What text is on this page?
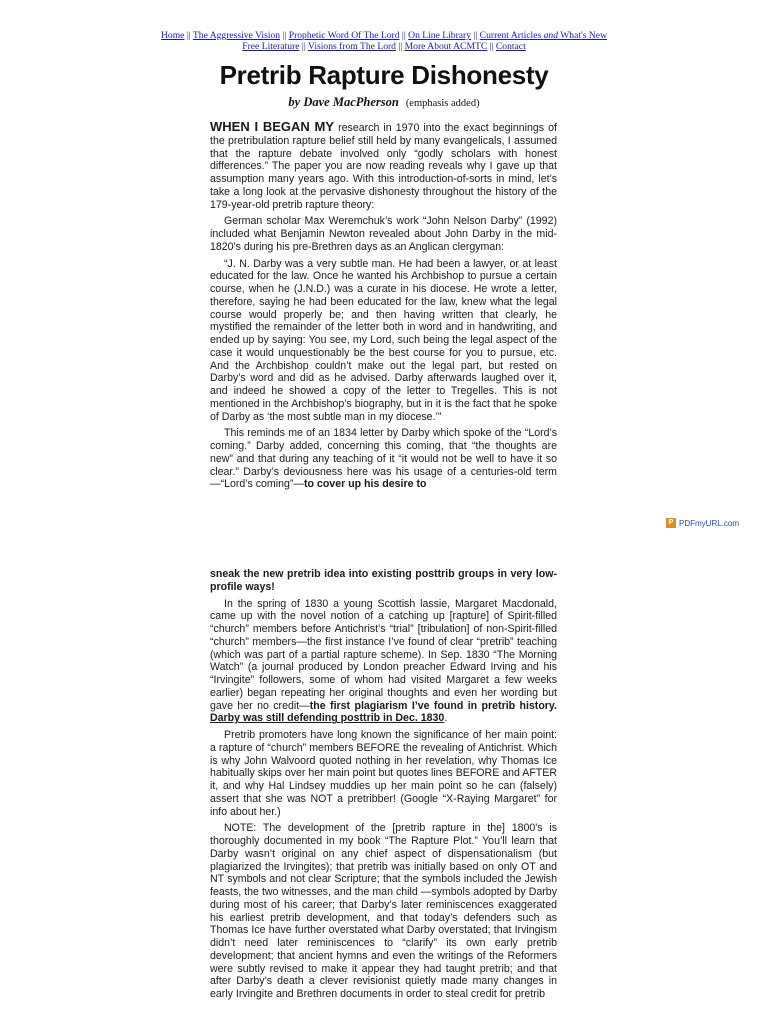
Home || The Aggressive Vision || Prophetic Word Of The Lord || On Line Library || Current Articles and What's New
Free Literature || Visions from The Lord || More About ACMTC || Contact
Pretrib Rapture Dishonesty
by Dave MacPherson (emphasis added)

WHEN I BEGAN MY research in 1970 into the exact beginnings of the pretribulation rapture belief still held by many evangelicals, I assumed that the rapture debate involved only “godly scholars with honest differences.” The paper you are now reading reveals why I gave up that assumption many years ago. With this introduction-of-sorts in mind, let’s take a long look at the pervasive dishonesty throughout the history of the 179-year-old pretrib rapture theory:

German scholar Max Weremchuk’s work “John Nelson Darby” (1992) included what Benjamin Newton revealed about John Darby in the mid-1820's during his pre-Brethren days as an Anglican clergyman:

“J. N. Darby was a very subtle man. He had been a lawyer, or at least educated for the law. Once he wanted his Archbishop to pursue a certain course, when he (J.N.D.) was a curate in his diocese. He wrote a letter, therefore, saying he had been educated for the law, knew what the legal course would properly be; and then having written that clearly, he mystified the remainder of the letter both in word and in handwriting, and ended up by saying: You see, my Lord, such being the legal aspect of the case it would unquestionably be the best course for you to pursue, etc. And the Archbishop couldn’t make out the legal part, but rested on Darby’s word and did as he advised. Darby afterwards laughed over it, and indeed he showed a copy of the letter to Tregelles. This is not mentioned in the Archbishop’s biography, but in it is the fact that he spoke of Darby as ‘the most subtle man in my diocese.’”

This reminds me of an 1834 letter by Darby which spoke of the “Lord’s coming.” Darby added, concerning this coming, that “the thoughts are new” and that during any teaching of it “it would not be well to have it so clear.” Darby’s deviousness here was his usage of a centuries-old term—“Lord’s coming”—to cover up his desire to

P PDFmyURL.com

sneak the new pretrib idea into existing posttrib groups in very low-profile ways!

In the spring of 1830 a young Scottish lassie, Margaret Macdonald, came up with the novel notion of a catching up [rapture] of Spirit-filled “church” members before Antichrist’s “trial” [tribulation] of non-Spirit-filled “church” members—the first instance I’ve found of clear “pretrib” teaching (which was part of a partial rapture scheme). In Sep. 1830 “The Morning Watch” (a journal produced by London preacher Edward Irving and his “Irvingite” followers, some of whom had visited Margaret a few weeks earlier) began repeating her original thoughts and even her wording but gave her no credit—the first plagiarism I’ve found in pretrib history. Darby was still defending posttrib in Dec. 1830.

Pretrib promoters have long known the significance of her main point: a rapture of “church” members BEFORE the revealing of Antichrist. Which is why John Walvoord quoted nothing in her revelation, why Thomas Ice habitually skips over her main point but quotes lines BEFORE and AFTER it, and why Hal Lindsey muddies up her main point so he can (falsely) assert that she was NOT a pretribber! (Google “X-Raying Margaret” for info about her.)

NOTE: The development of the [pretrib rapture in the] 1800's is thoroughly documented in my book “The Rapture Plot.” You’ll learn that Darby wasn’t original on any chief aspect of dispensationalism (but plagiarized the Irvingites); that pretrib was initially based on only OT and NT symbols and not clear Scripture; that the symbols included the Jewish feasts, the two witnesses, and the man child —symbols adopted by Darby during most of his career; that Darby’s later reminiscences exaggerated his earliest pretrib development, and that today’s defenders such as Thomas Ice have further overstated what Darby overstated; that Irvingism didn’t need later reminiscences to “clarify” its own early pretrib development; that ancient hymns and even the writings of the Reformers were subtly revised to make it appear they had taught pretrib; and that after Darby’s death a clever revisionist quietly made many changes in early Irvingite and Brethren documents in order to steal credit for pretrib
